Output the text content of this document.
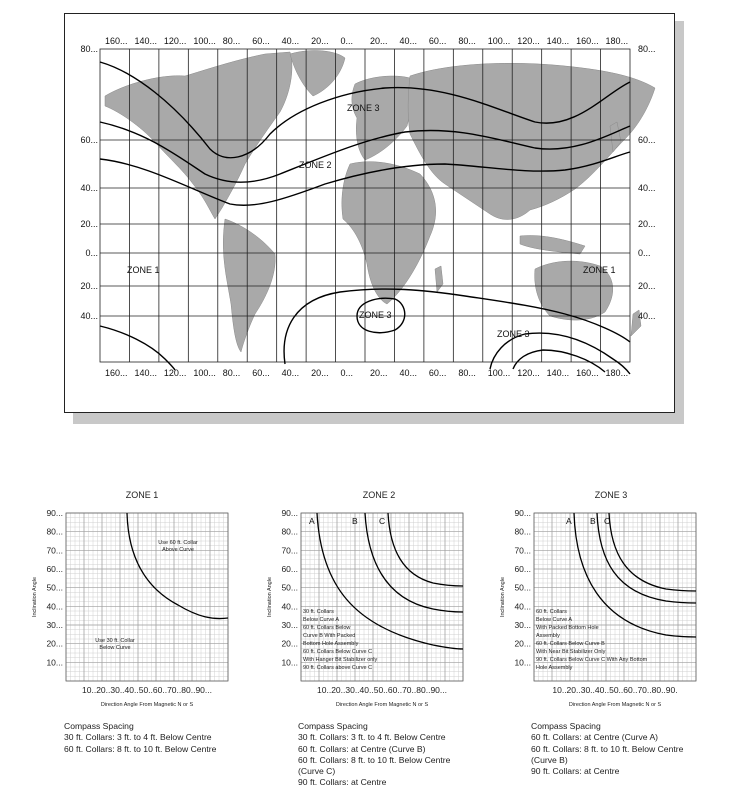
ZONE 3
ZONE 2
ZONE 1	ZONE 1
ZONE 3
ZONE 3
160... 140... 120... 100... 80... 60... 40... 20... 0... 20... 40... 60... 80... 100... 120... 140... 160... 180...
160... 140... 120... 100... 80... 60... 40... 20... 0... 20... 40... 60... 80... 100... 120... 140... 160... 180...
80...
60...
40...
20...
0...
20...
40...
80...
60...
40...
20...
0...
20...
40...
ZONE 1
90...
80...
70...
60...
50...
40...
30...
20...
10...
10..20..30..40..50..60..70..80..90...
Direction Angle From Magnetic N or S
Inclination Angle
Use 60 ft. Collar
Above Curve
Use 30 ft. Collar
Below Curve
Compass Spacing
30 ft. Collars: 3 ft. to 4 ft. Below Centre
60 ft. Collars: 8 ft. to 10 ft. Below Centre
ZONE 2
90...
80...
70...
60...
50...
40...
30...
20...
10...
10..20..30..40..50..60..70..80..90...
Direction Angle From Magnetic N or S
Inclination Angle
A	B	C
30 ft. Collars
Below Curve A
60 ft. Collars Below
Curve B With Packed
Bottom Hole Assembly
60 ft. Collars Below Curve C
With Hanger Bit Stabilizer only
90 ft. Collars above Curve C
Compass Spacing
30 ft. Collars: 3 ft. to 4 ft. Below Centre
60 ft. Collars: at Centre (Curve B)
60 ft. Collars: 8 ft. to 10 ft. Below Centre
(Curve C)
90 ft. Collars: at Centre
ZONE 3
90...
80...
70...
60...
50...
40...
30...
20...
10...
10..20..30..40..50..60..70..80..90.
Direction Angle From Magnetic N or S
Inclination Angle
A B C
60 ft. Collars
Below Curve A
With Packed Bottom Hole
Assembly
60 ft. Collars Below Curve B
With Near Bit Stabilizer Only
90 ft. Collars Below Curve C With Any Bottom
Hole Assembly
Compass Spacing
60 ft. Collars: at Centre (Curve A)
60 ft. Collars: 8 ft. to 10 ft. Below Centre
(Curve B)
90 ft. Collars: at Centre
